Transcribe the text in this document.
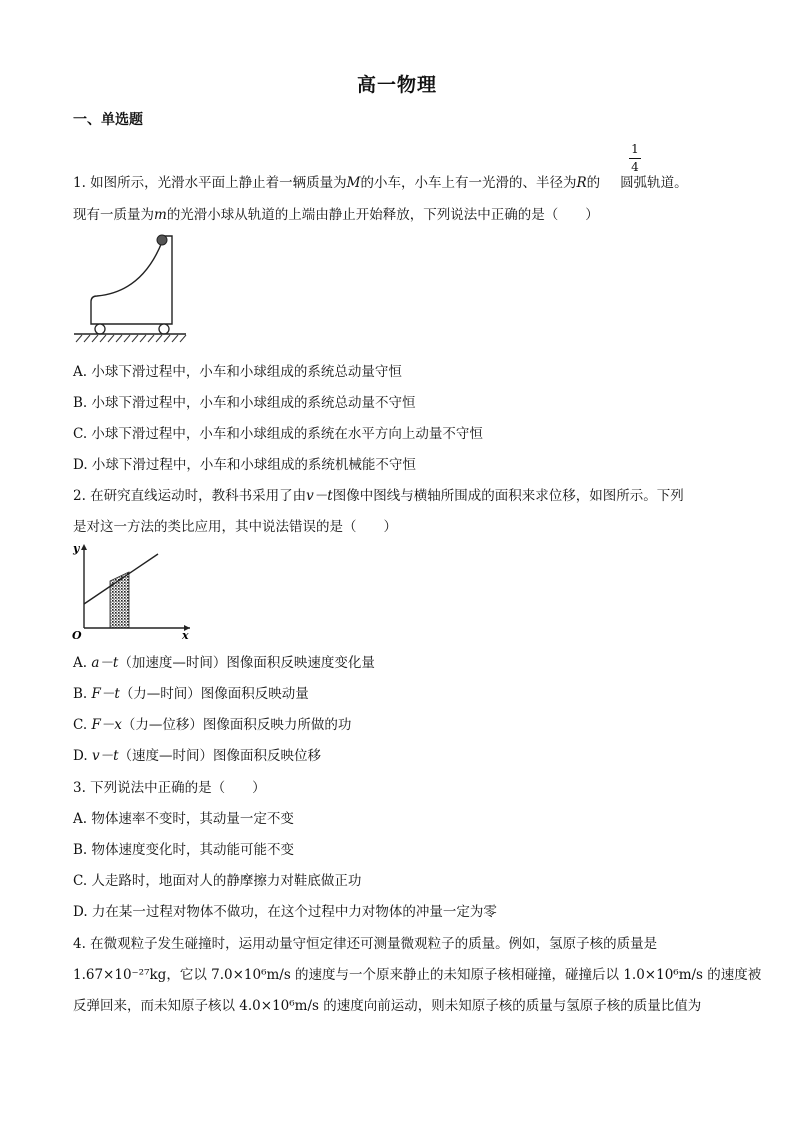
高一物理
一、单选题
1. 如图所示，光滑水平面上静止着一辆质量为M的小车，小车上有一光滑的、半径为R的 圆弧轨道。
1
4
现有一质量为m的光滑小球从轨道的上端由静止开始释放，下列说法中正确的是（　　）
A. 小球下滑过程中，小车和小球组成的系统总动量守恒
B. 小球下滑过程中，小车和小球组成的系统总动量不守恒
C. 小球下滑过程中，小车和小球组成的系统在水平方向上动量不守恒
D. 小球下滑过程中，小车和小球组成的系统机械能不守恒
2. 在研究直线运动时，教科书采用了由v－t图像中图线与横轴所围成的面积来求位移，如图所示。下列
是对这一方法的类比应用，其中说法错误的是（　　）
y
x
O
A. a－t（加速度—时间）图像面积反映速度变化量
B. F－t（力—时间）图像面积反映动量
C. F－x（力—位移）图像面积反映力所做的功
D. v－t（速度—时间）图像面积反映位移
3. 下列说法中正确的是（　　）
A. 物体速率不变时，其动量一定不变
B. 物体速度变化时，其动能可能不变
C. 人走路时，地面对人的静摩擦力对鞋底做正功
D. 力在某一过程对物体不做功，在这个过程中力对物体的冲量一定为零
4. 在微观粒子发生碰撞时，运用动量守恒定律还可测量微观粒子的质量。例如，氢原子核的质量是
1.67×10⁻²⁷kg，它以 7.0×10⁶m/s 的速度与一个原来静止的未知原子核相碰撞，碰撞后以 1.0×10⁶m/s 的速度被
反弹回来，而未知原子核以 4.0×10⁶m/s 的速度向前运动，则未知原子核的质量与氢原子核的质量比值为
